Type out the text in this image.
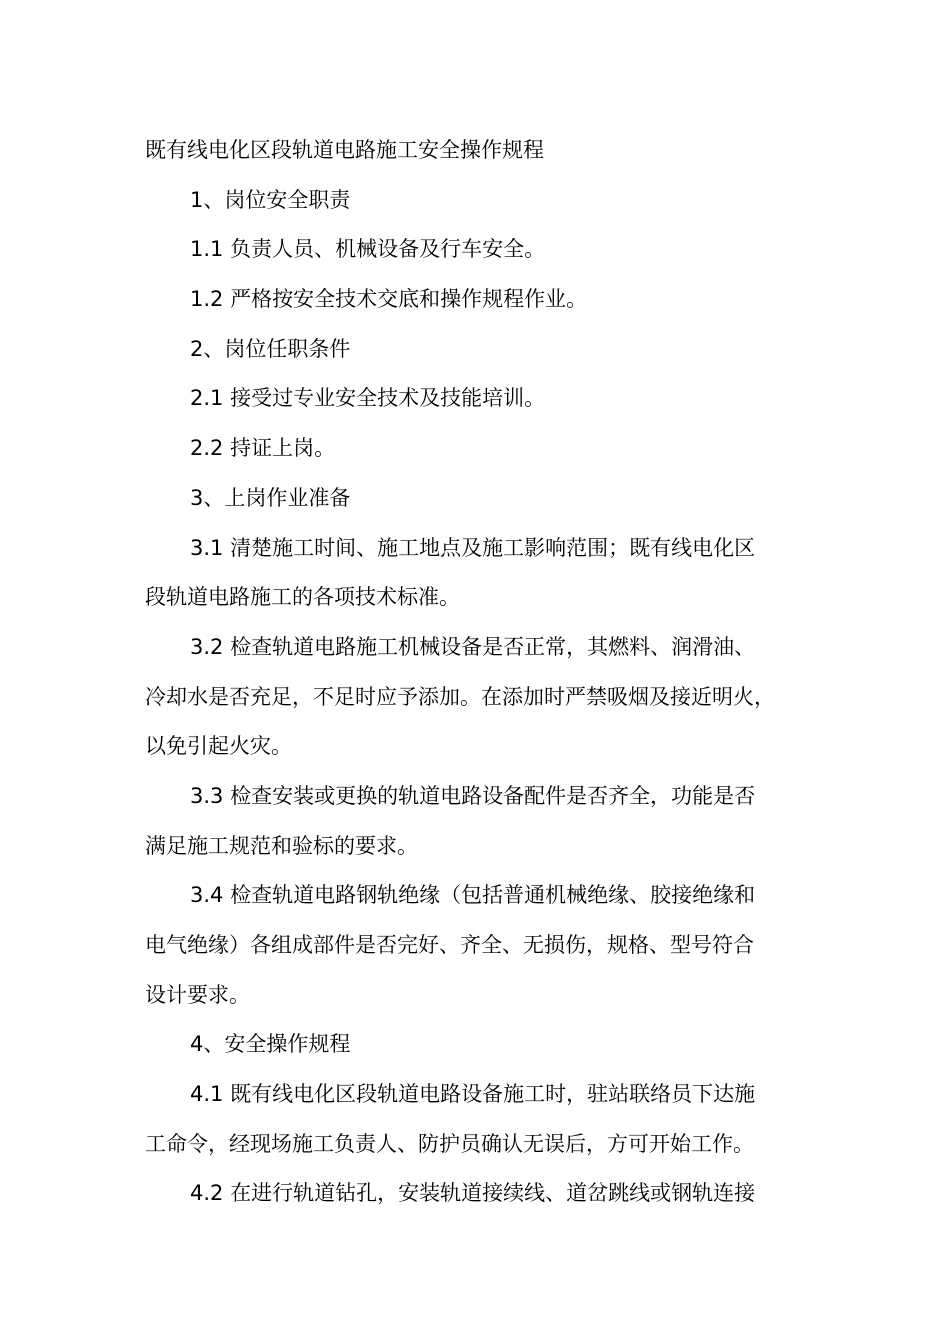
既有线电化区段轨道电路施工安全操作规程
1、岗位安全职责
1.1 负责人员、机械设备及行车安全。
1.2 严格按安全技术交底和操作规程作业。
2、岗位任职条件
2.1 接受过专业安全技术及技能培训。
2.2 持证上岗。
3、上岗作业准备
3.1 清楚施工时间、施工地点及施工影响范围；既有线电化区
段轨道电路施工的各项技术标准。
3.2 检查轨道电路施工机械设备是否正常，其燃料、润滑油、
冷却水是否充足，不足时应予添加。在添加时严禁吸烟及接近明火，
以免引起火灾。
3.3 检查安装或更换的轨道电路设备配件是否齐全，功能是否
满足施工规范和验标的要求。
3.4 检查轨道电路钢轨绝缘（包括普通机械绝缘、胶接绝缘和
电气绝缘）各组成部件是否完好、齐全、无损伤，规格、型号符合
设计要求。
4、安全操作规程
4.1 既有线电化区段轨道电路设备施工时，驻站联络员下达施
工命令，经现场施工负责人、防护员确认无误后，方可开始工作。
4.2 在进行轨道钻孔，安装轨道接续线、道岔跳线或钢轨连接
